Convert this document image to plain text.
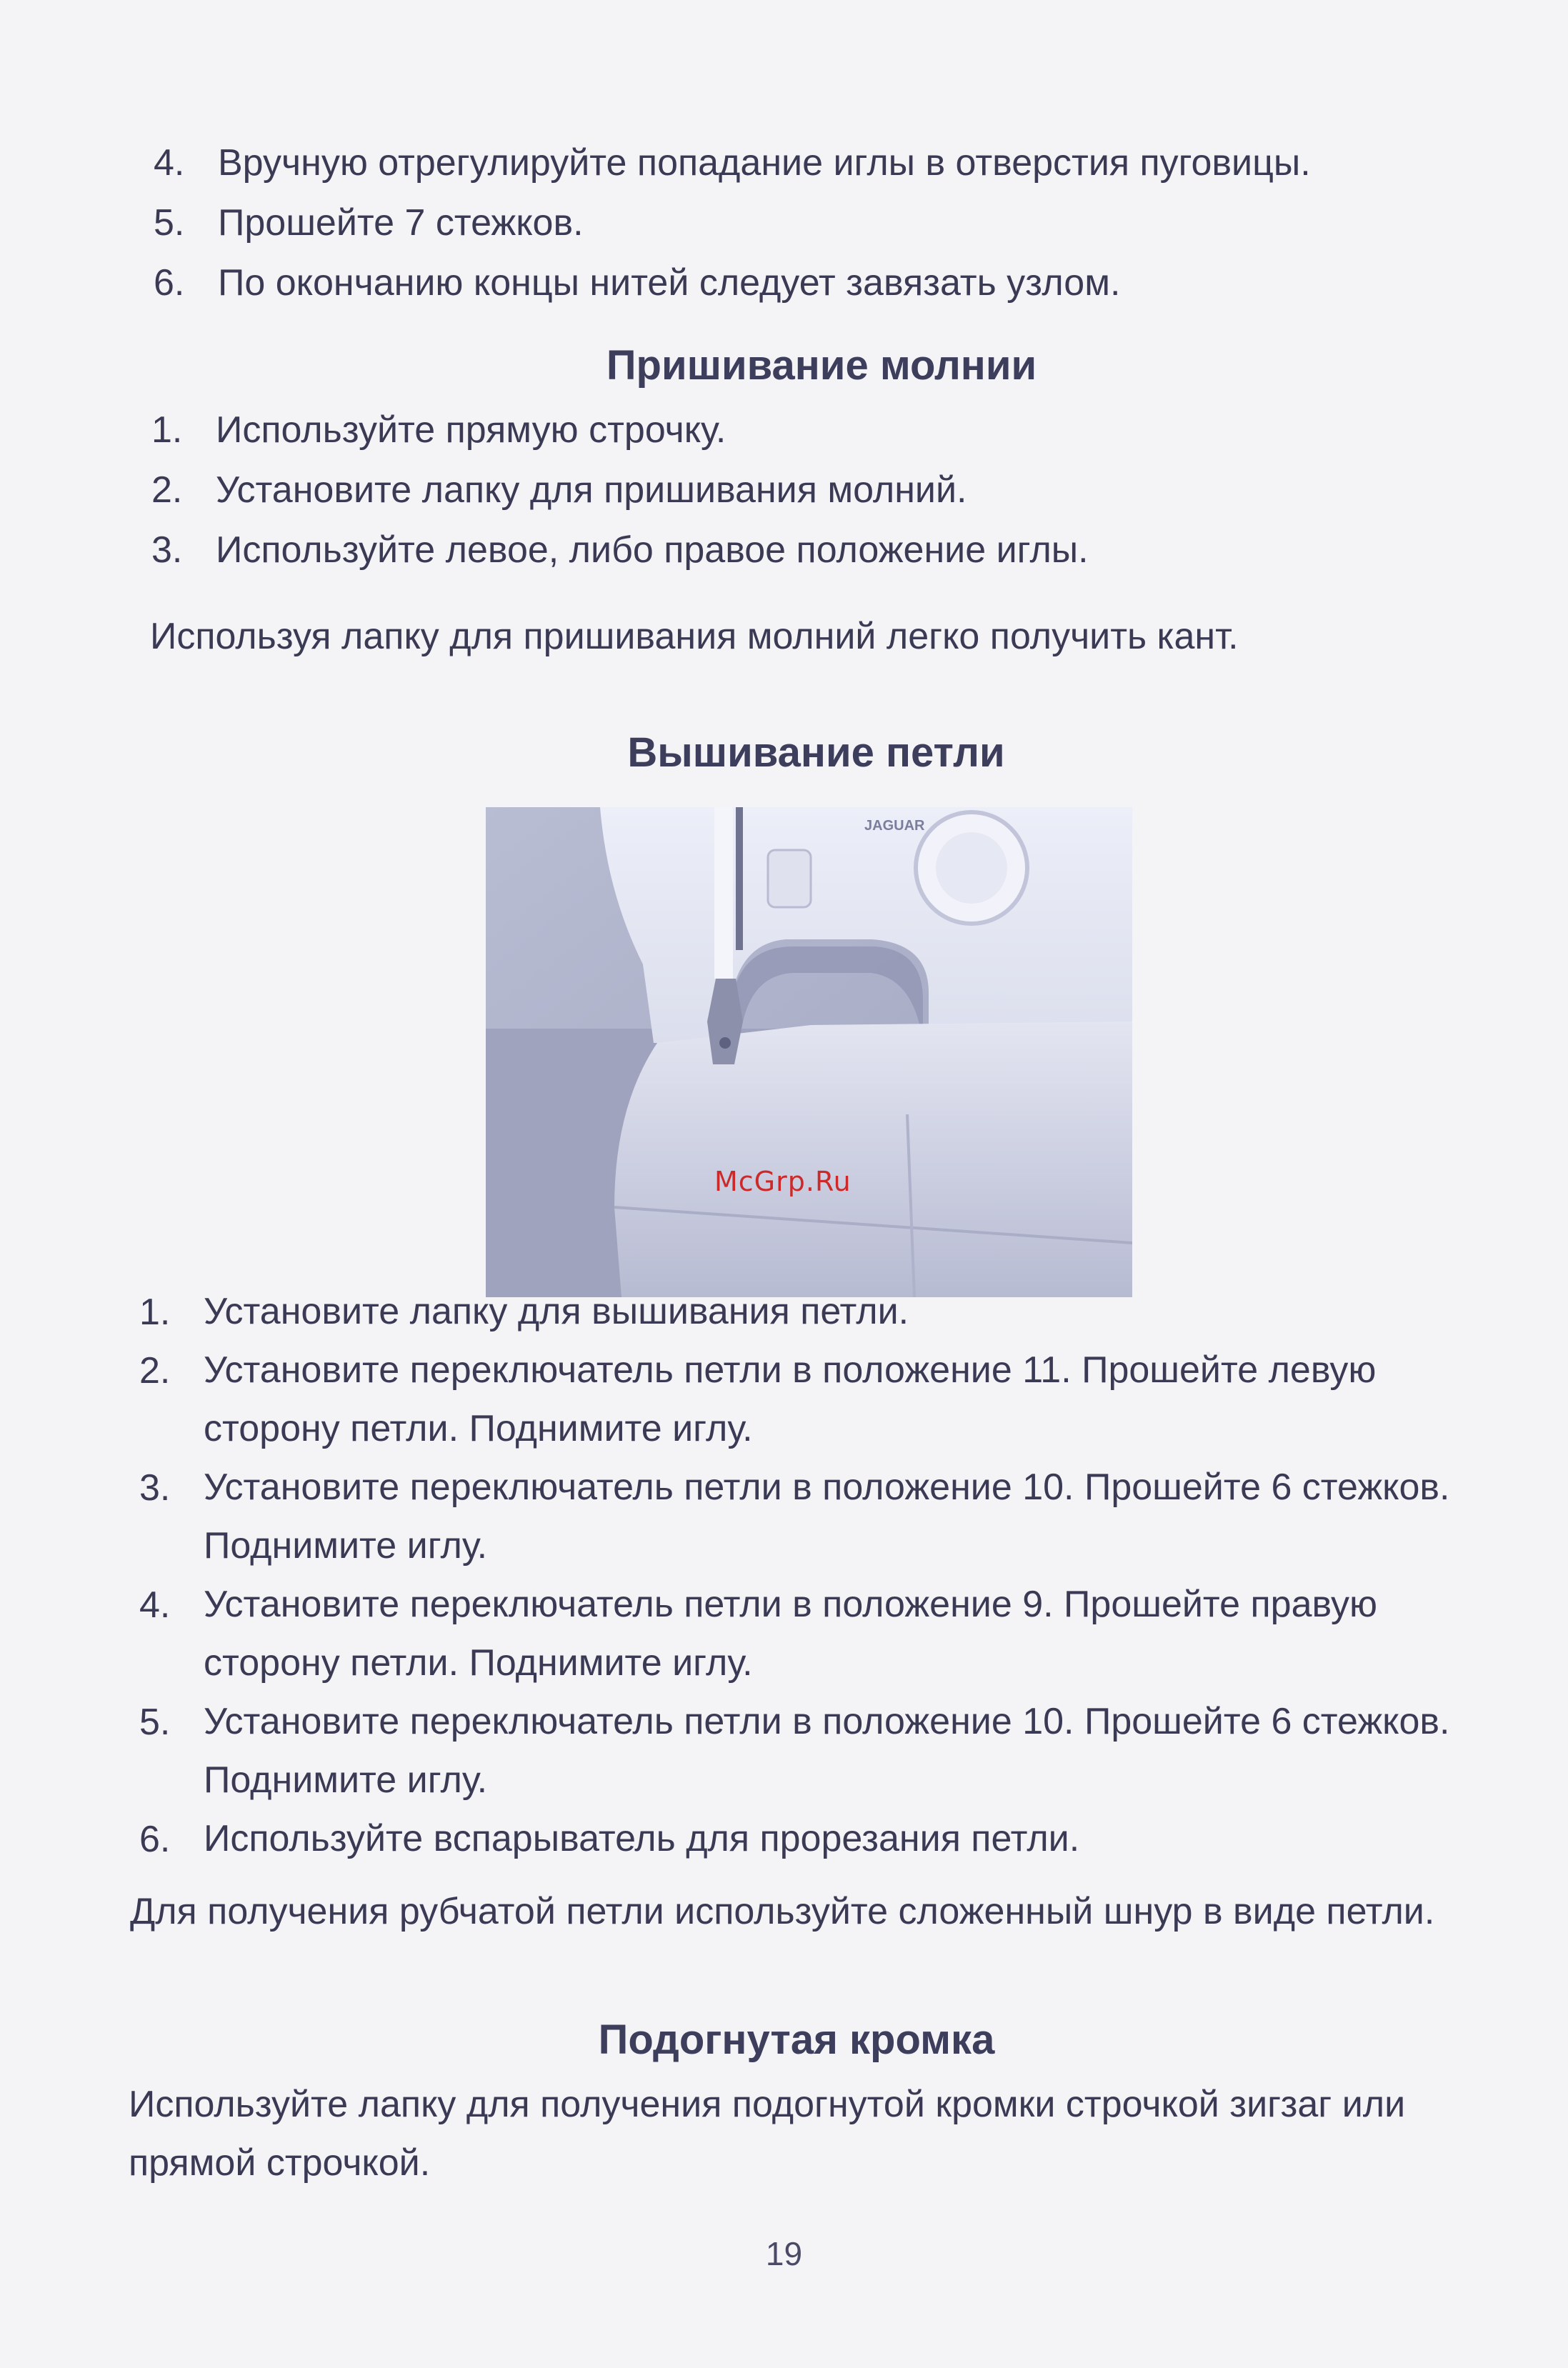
4. Вручную отрегулируйте попадание иглы в отверстия пуговицы.
5. Прошейте 7 стежков.
6. По окончанию концы нитей следует завязать узлом.
Пришивание молнии
1. Используйте прямую строчку.
2. Установите лапку для пришивания молний.
3. Используйте левое, либо правое положение иглы.

Используя лапку для пришивания молний легко получить кант.

Вышивание петли
JAGUAR
McGrp.Ru
1. Установите лапку для вышивания петли.
2. Установите переключатель петли в положение 11. Прошейте левую сторону петли. Поднимите иглу.
3. Установите переключатель петли в положение 10. Прошейте 6 стежков. Поднимите иглу.
4. Установите переключатель петли в положение 9. Прошейте правую сторону петли. Поднимите иглу.
5. Установите переключатель петли в положение 10. Прошейте 6 стежков. Поднимите иглу.
6. Используйте вспарыватель для прорезания петли.

Для получения рубчатой петли используйте сложенный шнур в виде петли.

Подогнутая кромка

Используйте лапку для получения подогнутой кромки строчкой зигзаг или прямой строчкой.

19
